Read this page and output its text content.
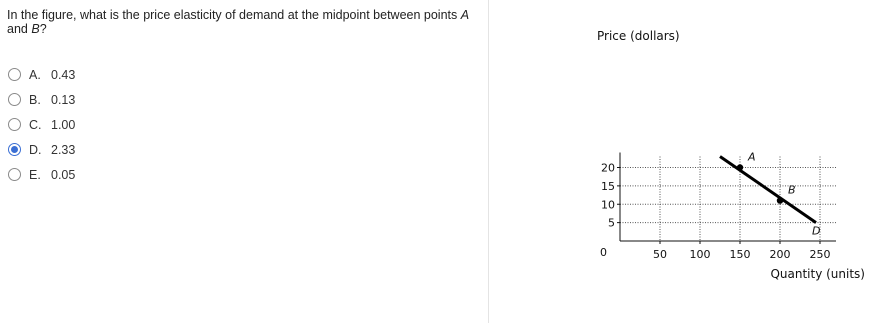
In the figure, what is the price elasticity of demand at the midpoint between points A and B?
A. 0.43
B. 0.13
C. 1.00
D. 2.33
E. 0.05
5
10
15
20
50 100 150 200 250
A
B
Price (dollars)
Quantity (units)
0
D
